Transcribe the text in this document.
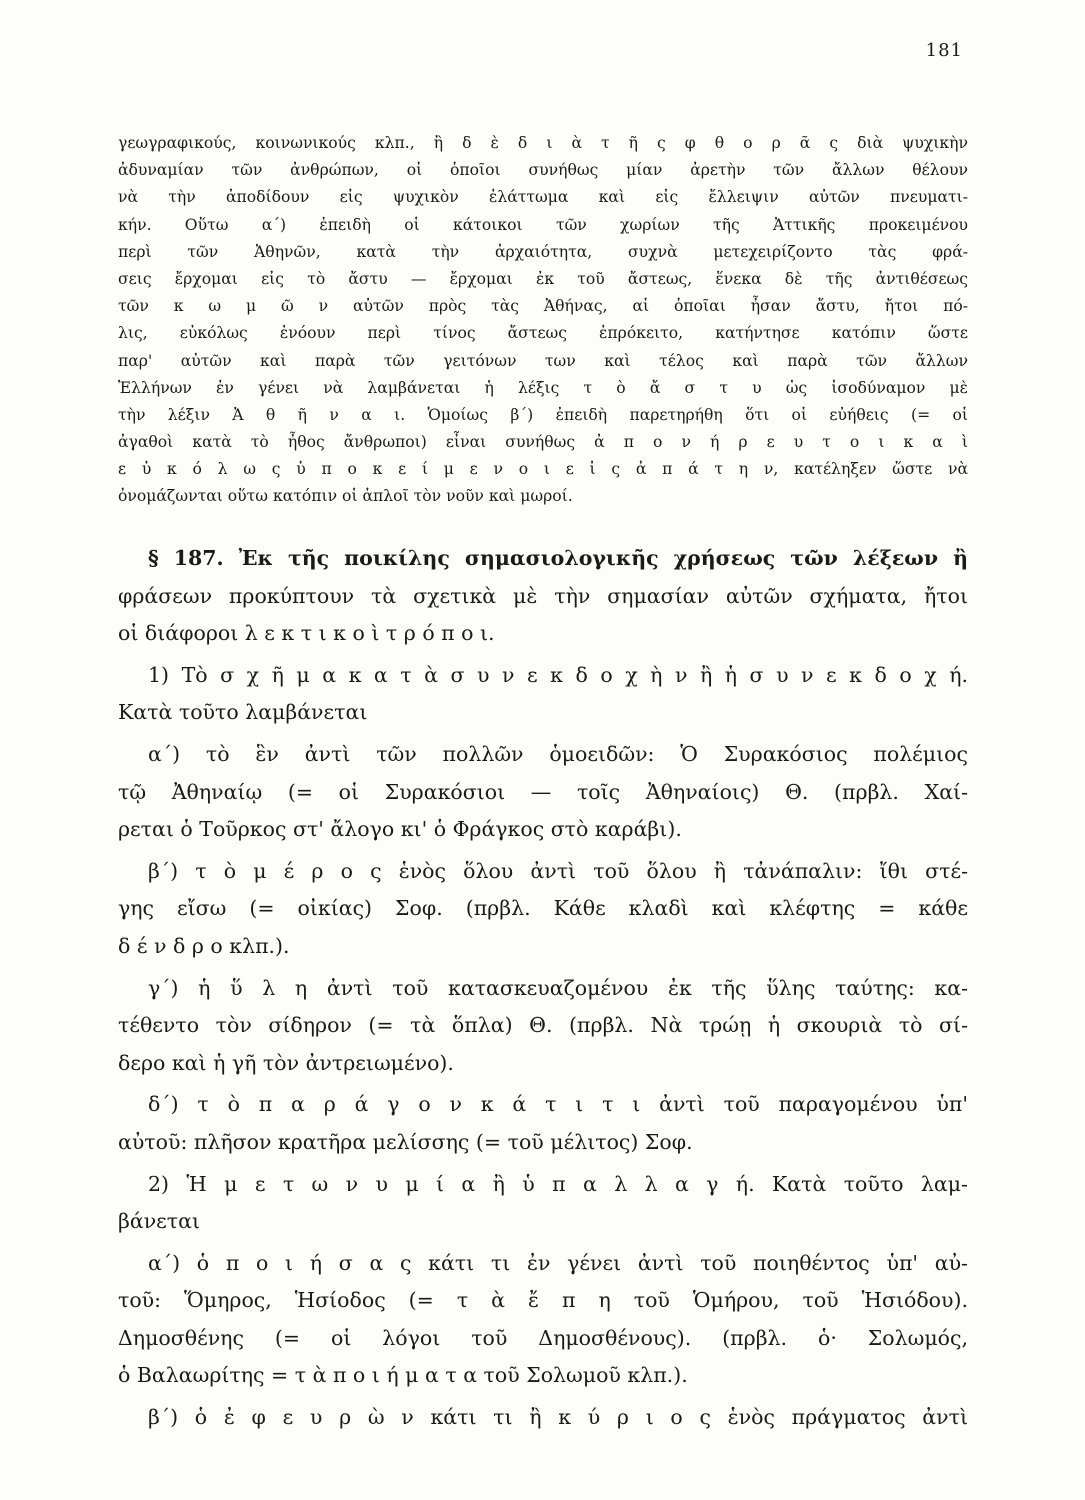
181
γεωγραφικούς, κοινωνικούς κλπ., ἢ δ ὲ δ ι ὰ τ ῆ ς φ θ ο ρ ᾶ ς διὰ ψυχικὴν
ἀδυναμίαν τῶν ἀνθρώπων, οἱ ὁποῖοι συνήθως μίαν ἀρετὴν τῶν ἄλλων θέλουν
νὰ τὴν ἀποδίδουν εἰς ψυχικὸν ἐλάττωμα καὶ εἰς ἔλλειψιν αὐτῶν πνευματι-
κήν. Οὕτω α΄) ἐπειδὴ οἱ κάτοικοι τῶν χωρίων τῆς Ἀττικῆς προκειμένου
περὶ τῶν Ἀθηνῶν, κατὰ τὴν ἀρχαιότητα, συχνὰ μετεχειρίζοντο τὰς φρά-
σεις ἔρχομαι εἰς τὸ ἄστυ — ἔρχομαι ἐκ τοῦ ἄστεως, ἕνεκα δὲ τῆς ἀντιθέσεως
τῶν κ ω μ ῶ ν αὐτῶν πρὸς τὰς Ἀθήνας, αἱ ὁποῖαι ἦσαν ἄστυ, ἤτοι πό-
λις, εὐκόλως ἐνόουν περὶ τίνος ἄστεως ἐπρόκειτο, κατήντησε κατόπιν ὥστε
παρ' αὐτῶν καὶ παρὰ τῶν γειτόνων των καὶ τέλος καὶ παρὰ τῶν ἄλλων
Ἑλλήνων ἐν γένει νὰ λαμβάνεται ἡ λέξις τ ὸ ἄ σ τ υ ὡς ἰσοδύναμον μὲ
τὴν λέξιν Ἀ θ ῆ ν α ι. Ὁμοίως β΄) ἐπειδὴ παρετηρήθη ὅτι οἱ εὐήθεις (= οἱ
ἀγαθοὶ κατὰ τὸ ἦθος ἄνθρωποι) εἶναι συνήθως ἀ π ο ν ή ρ ε υ τ ο ι κ α ὶ
ε ὐ κ ό λ ω ς ὑ π ο κ ε ί μ ε ν ο ι ε ἰ ς ἀ π ά τ η ν, κατέληξεν ὥστε νὰ
ὀνομάζωνται οὕτω κατόπιν οἱ ἁπλοῖ τὸν νοῦν καὶ μωροί.
§ 187. Ἐκ τῆς ποικίλης σημασιολογικῆς χρήσεως τῶν λέξεων ἢ
φράσεων προκύπτουν τὰ σχετικὰ μὲ τὴν σημασίαν αὐτῶν σχήματα, ἤτοι
οἱ διάφοροι λ ε κ τ ι κ ο ὶ τ ρ ό π ο ι.
1) Τὸ σ χ ῆ μ α κ α τ ὰ σ υ ν ε κ δ ο χ ὴ ν ἢ ἡ σ υ ν ε κ δ ο χ ή.
Κατὰ τοῦτο λαμβάνεται
α΄) τὸ ἓν ἀντὶ τῶν πολλῶν ὁμοειδῶν: Ὁ Συρακόσιος πολέμιος
τῷ Ἀθηναίῳ (= οἱ Συρακόσιοι — τοῖς Ἀθηναίοις) Θ. (πρβλ. Χαί-
ρεται ὁ Τοῦρκος στ' ἄλογο κι' ὁ Φράγκος στὸ καράβι).
β΄) τ ὸ μ έ ρ ο ς ἑνὸς ὅλου ἀντὶ τοῦ ὅλου ἢ τἀνάπαλιν: ἴθι στέ-
γης εἴσω (= οἰκίας) Σοφ. (πρβλ. Κάθε κλαδὶ καὶ κλέφτης = κάθε
δ έ ν δ ρ ο κλπ.).
γ΄) ἡ ὕ λ η ἀντὶ τοῦ κατασκευαζομένου ἐκ τῆς ὕλης ταύτης: κα-
τέθεντο τὸν σίδηρον (= τὰ ὅπλα) Θ. (πρβλ. Νὰ τρώῃ ἡ σκουριὰ τὸ σί-
δερο καὶ ἡ γῆ τὸν ἀντρειωμένο).
δ΄) τ ὸ π α ρ ά γ ο ν κ ά τ ι τ ι ἀντὶ τοῦ παραγομένου ὑπ'
αὐτοῦ: πλῆσον κρατῆρα μελίσσης (= τοῦ μέλιτος) Σοφ.
2) Ἡ μ ε τ ω ν υ μ ί α ἢ ὑ π α λ λ α γ ή. Κατὰ τοῦτο λαμ-
βάνεται
α΄) ὁ π ο ι ή σ α ς κάτι τι ἐν γένει ἀντὶ τοῦ ποιηθέντος ὑπ' αὐ-
τοῦ: Ὅμηρος, Ἡσίοδος (= τ ὰ ἔ π η τοῦ Ὁμήρου, τοῦ Ἡσιόδου).
Δημοσθένης (= οἱ λόγοι τοῦ Δημοσθένους). (πρβλ. ὁ· Σολωμός,
ὁ Βαλαωρίτης = τ ὰ π ο ι ή μ α τ α τοῦ Σολωμοῦ κλπ.).
β΄) ὁ ἐ φ ε υ ρ ὼ ν κάτι τι ἢ κ ύ ρ ι ο ς ἑνὸς πράγματος ἀντὶ
